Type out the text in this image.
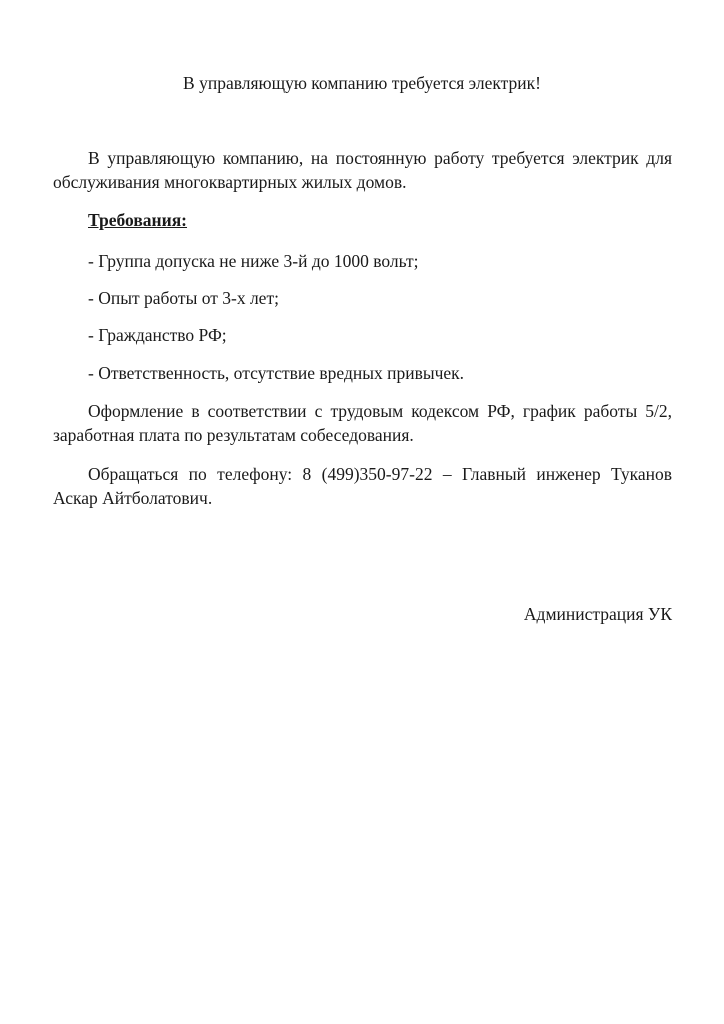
В управляющую компанию требуется электрик!

В управляющую компанию, на постоянную работу требуется электрик для обслуживания многоквартирных жилых домов.

Требования:

- Группа допуска не ниже 3-й до 1000 вольт;

- Опыт работы от 3-х лет;

- Гражданство РФ;

- Ответственность, отсутствие вредных привычек.

Оформление в соответствии с трудовым кодексом РФ, график работы 5/2, заработная плата по результатам собеседования.

Обращаться по телефону: 8 (499)350-97-22 – Главный инженер Туканов Аскар Айтболатович.

Администрация УК
